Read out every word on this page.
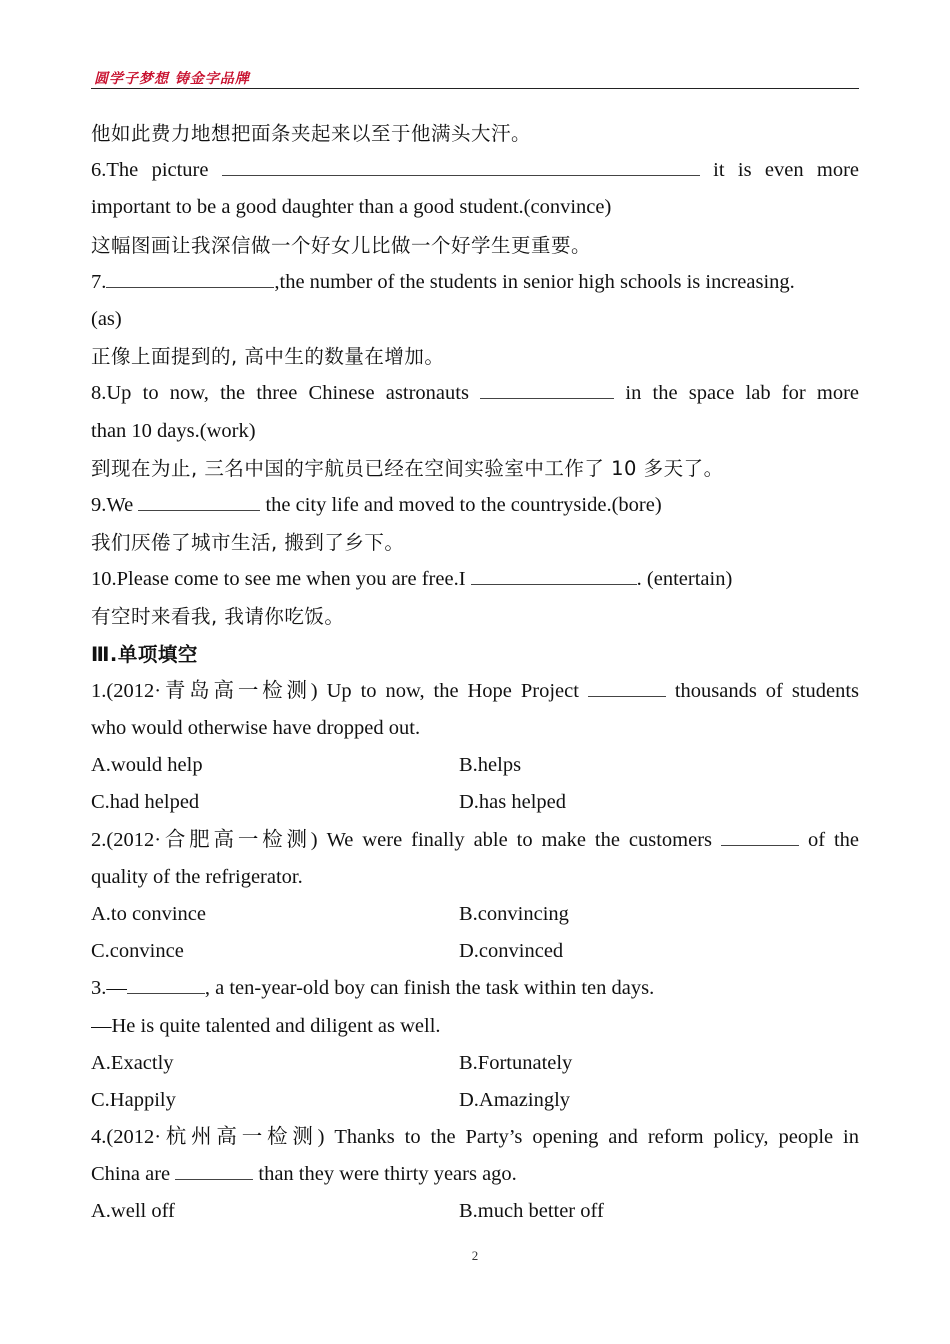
圆学子梦想 铸金字品牌
他如此费力地想把面条夹起来以至于他满头大汗。
6.The picture	it is even more
important to be a good daughter than a good student.(convince)
这幅图画让我深信做一个好女儿比做一个好学生更重要。
7.	,the number of the students in senior high schools is increasing.
(as)
正像上面提到的, 高中生的数量在增加。
8.Up to now, the three Chinese astronauts	in the space lab for more
than 10 days.(work)
到现在为止, 三名中国的宇航员已经在空间实验室中工作了 10 多天了。
9.We	the city life and moved to the countryside.(bore)
我们厌倦了城市生活, 搬到了乡下。
10.Please come to see me when you are free.I	. (entertain)
有空时来看我, 我请你吃饭。
Ⅲ.单项填空
1.(2012·青岛高一检测) Up to now, the Hope Project	thousands of students
who would otherwise have dropped out.
A.would help	B.helps
C.had helped	D.has helped
2.(2012·合肥高一检测) We were finally able to make the customers	of the
quality of the refrigerator.
A.to convince	B.convincing
C.convince	D.convinced
3.—	, a ten-year-old boy can finish the task within ten days.
—He is quite talented and diligent as well.
A.Exactly	B.Fortunately
C.Happily	D.Amazingly
4.(2012·杭州高一检测) Thanks to the Party’s opening and reform policy, people in
China are	than they were thirty years ago.
A.well off	B.much better off
2
